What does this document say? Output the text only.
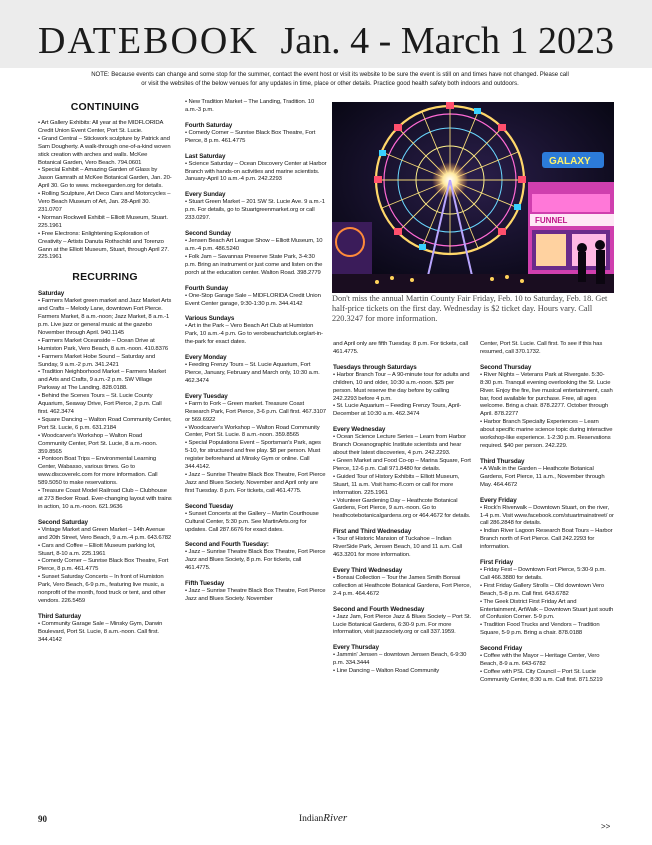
DATEBOOK Jan. 4 - March 1 2023
NOTE: Because events can change and some stop for the summer, contact the event host or visit its website to be sure the event is still on and times have not changed. Please call or visit the websites of the below venues for any updates in time, place or other details. Practice good health safety both indoors and outdoors.
CONTINUING
• Art Gallery Exhibits: All year at the MIDFLORIDA Credit Union Event Center, Port St. Lucie.
• Grand Central – Stickwork sculpture by Patrick and Sam Dougherty. A walk-through one-of-a-kind woven stick creation with arches and walls. McKee Botanical Garden, Vero Beach. 794.0601
• Special Exhibit – Amazing Garden of Glass by Jason Gamrath at McKee Botanical Garden, Jan. 20-April 30. Go to www. mckeegarden.org for details.
• Rolling Sculpture, Art Deco Cars and Motorcycles – Vero Beach Museum of Art, Jan. 28-April 30. 231.0707
• Norman Rockwell Exhibit – Elliott Museum, Stuart. 225.1961
• Free Electrons: Enlightening Exploration of Creativity – Artists Danuta Rothschild and Torenzo Gann at the Elliott Museum, Stuart, through April 27. 225.1961
RECURRING
Saturday
• Farmers Market green market and Jazz Market Arts and Crafts – Melody Lane, downtown Fort Pierce. Farmers Market, 8 a.m.-noon; Jazz Market, 8 a.m.-1 p.m. Live jazz or general music at the gazebo November through April. 940.1145
• Farmers Market Oceanside – Ocean Drive at Humiston Park, Vero Beach, 8 a.m.-noon. 410.8376
• Farmers Market Hobe Sound – Saturday and Sunday, 9 a.m.-2 p.m. 341.2421
• Tradition Neighborhood Market – Farmers Market and Arts and Crafts, 9 a.m.-2 p.m. SW Village Parkway at The Landing. 828.0188.
• Behind the Scenes Tours – St. Lucie County Aquarium, Seaway Drive, Fort Pierce, 2 p.m. Call first. 462.3474
• Square Dancing – Walton Road Community Center, Port St. Lucie, 6 p.m. 631.2184
• Woodcarver's Workshop – Walton Road Community Center, Port St. Lucie, 8 a.m.-noon. 359.8565
• Pontoon Boat Trips – Environmental Learning Center, Wabasso, various times. Go to www.discoverelc.com for more information. Call 589.5050 to make reservations.
• Treasure Coast Model Railroad Club – Clubhouse at 273 Becker Road. Ever-changing layout with trains in action, 10 a.m.-noon. 621.9636
Second Saturday
• Vintage Market and Green Market – 14th Avenue and 20th Street, Vero Beach, 9 a.m.-4 p.m. 643.6782
• Cars and Coffee – Elliott Museum parking lot, Stuart, 8-10 a.m. 225.1961
• Comedy Corner – Sunrise Black Box Theatre, Fort Pierce, 8 p.m. 461.4775
• Sunset Saturday Concerts – In front of Humiston Park, Vero Beach, 6-9 p.m., featuring live music, a nonprofit of the month, food truck or tent, and other vendors. 226.5459
Third Saturday
• Community Garage Sale – Minsky Gym, Darwin Boulevard, Port St. Lucie, 8 a.m.-noon. Call first. 344.4142
• New Tradition Market – The Landing, Tradition. 10 a.m.-3 p.m.
Fourth Saturday
• Comedy Corner – Sunrise Black Box Theatre, Fort Pierce, 8 p.m. 461.4775
Last Saturday
• Science Saturday – Ocean Discovery Center at Harbor Branch with hands-on activities and marine scientists. January-April 10 a.m.-4 p.m. 242.2293
Every Sunday
• Stuart Green Market – 201 SW St. Lucie Ave. 9 a.m.-1 p.m. For details, go to Stuartgreenmarket.org or call 233.0297.
Second Sunday
• Jensen Beach Art League Show – Elliott Museum, 10 a.m.-4 p.m. 486.5240
• Folk Jam – Savannas Preserve State Park, 3-4:30 p.m. Bring an instrument or just come and listen on the porch at the education center. Walton Road. 398.2779
Fourth Sunday
• One-Stop Garage Sale – MIDFLORIDA Credit Union Event Center garage, 9:30-1:30 p.m. 344.4142
Various Sundays
• Art in the Park – Vero Beach Art Club at Humiston Park, 10 a.m.-4 p.m. Go to verobeachartclub.org/art-in-the-park for exact dates.
Every Monday
• Feeding Frenzy Tours – St. Lucie Aquarium, Fort Pierce, January, February and March only, 10:30 a.m. 462.3474
Every Tuesday
• Farm to Fork – Green market. Treasure Coast Research Park, Fort Pierce, 3-6 p.m. Call first. 467.3107 or 569.6922
• Woodcarver's Workshop – Walton Road Community Center, Port St. Lucie. 8 a.m.-noon. 359.8565
• Special Populations Event – Sportsman's Park, ages 5-10, for structured and free play. $8 per person. Must register beforehand at Minsky Gym or online. Call 344.4142.
• Jazz – Sunrise Theatre Black Box Theatre, Fort Pierce Jazz and Blues Society. November and April only are first Tuesday. 8 p.m. For tickets, call 461.4775.
Second Tuesday
• Sunset Concerts at the Gallery – Martin Courthouse Cultural Center, 5:30 p.m. See MartinArts.org for updates. Call 287.6676 for exact dates.
Second and Fourth Tuesday:
• Jazz – Sunrise Theatre Black Box Theatre, Fort Pierce Jazz and Blues Society, 8 p.m. For tickets, call 461.4775.
Fifth Tuesday
• Jazz – Sunrise Theatre Black Box Theatre, Fort Pierce Jazz and Blues Society. November
FUNNEL
GALAXY
Don't miss the annual Martin County Fair Friday, Feb. 10 to Saturday, Feb. 18. Get half-price tickets on the first day. Wednesday is $2 ticket day. Hours vary. Call 220.3247 for more information.
and April only are fifth Tuesday. 8 p.m. For tickets, call 461.4775.
Tuesdays through Saturdays
• Harbor Branch Tour – A 90-minute tour for adults and children, 10 and older, 10:30 a.m.-noon. $25 per person. Must reserve the day before by calling 242.2293 before 4 p.m.
• St. Lucie Aquarium – Feeding Frenzy Tours, April-December at 10:30 a.m. 462.3474
Every Wednesday
• Ocean Science Lecture Series – Learn from Harbor Branch Oceanographic Institute scientists and hear about their latest discoveries, 4 p.m. 242.2293.
• Green Market and Food Co-op – Marina Square, Fort Pierce, 12-6 p.m. Call 971.8480 for details.
• Guided Tour of History Exhibits – Elliott Museum, Stuart, 11 a.m. Visit hsmc-fl.com or call for more information. 225.1961
• Volunteer Gardening Day – Heathcote Botanical Gardens, Fort Pierce, 9 a.m.-noon. Go to heathcotebotanicalgardens.org or 464.4672 for details.
First and Third Wednesday
• Tour of Historic Mansion of Tuckahoe – Indian RiverSide Park, Jensen Beach, 10 and 11 a.m. Call 463.3201 for more information.
Every Third Wednesday
• Bonsai Collection – Tour the James Smith Bonsai collection at Heathcote Botanical Gardens, Fort Pierce, 2-4 p.m. 464.4672
Second and Fourth Wednesday
• Jazz Jam, Fort Pierce Jazz & Blues Society – Port St. Lucie Botanical Gardens, 6:30-9 p.m. For more information, visit jazzsociety.org or call 337.1959.
Every Thursday
• Jammin' Jensen – downtown Jensen Beach, 6-9:30 p.m. 334.3444
• Line Dancing – Walton Road Community
Center, Port St. Lucie. Call first. To see if this has resumed, call 370.1732.
Second Thursday
• River Nights – Veterans Park at Rivergate. 5:30-8:30 p.m. Tranquil evening overlooking the St. Lucie River. Enjoy the fire, live musical entertainment, cash bar, food available for purchase. Free, all ages welcome. Bring a chair. 878.2277. October through April. 878.2277
• Harbor Branch Specialty Experiences – Learn about specific marine science topic during interactive workshop-like experience. 1-2:30 p.m. Reservations required. $40 per person. 242.229.
Third Thursday
• A Walk in the Garden – Heathcote Botanical Gardens, Fort Pierce, 11 a.m., November through May. 464.4672
Every Friday
• Rock'n Riverwalk – Downtown Stuart, on the river, 1-4 p.m. Visit www.facebook.com/stuartmainstreet/ or call 286.2848 for details.
• Indian River Lagoon Research Boat Tours – Harbor Branch north of Fort Pierce. Call 242.2293 for information.
First Friday
• Friday Fest – Downtown Fort Pierce, 5:30-9 p.m. Call 466.3880 for details.
• First Friday Gallery Strolls – Old downtown Vero Beach, 5-8 p.m. Call first. 643.6782
• The Geek District First Friday Art and Entertainment, ArtWalk – Downtown Stuart just south of Confusion Corner. 5-9 p.m.
• Tradition Food Trucks and Vendors – Tradition Square, 5-9 p.m. Bring a chair. 878.0188
Second Friday
• Coffee with the Mayor – Heritage Center, Vero Beach, 8-9 a.m. 643-6782
• Coffee with PSL City Council – Port St. Lucie Community Center, 8:30 a.m. Call first. 871.5219
90	IndianRiver
>>
